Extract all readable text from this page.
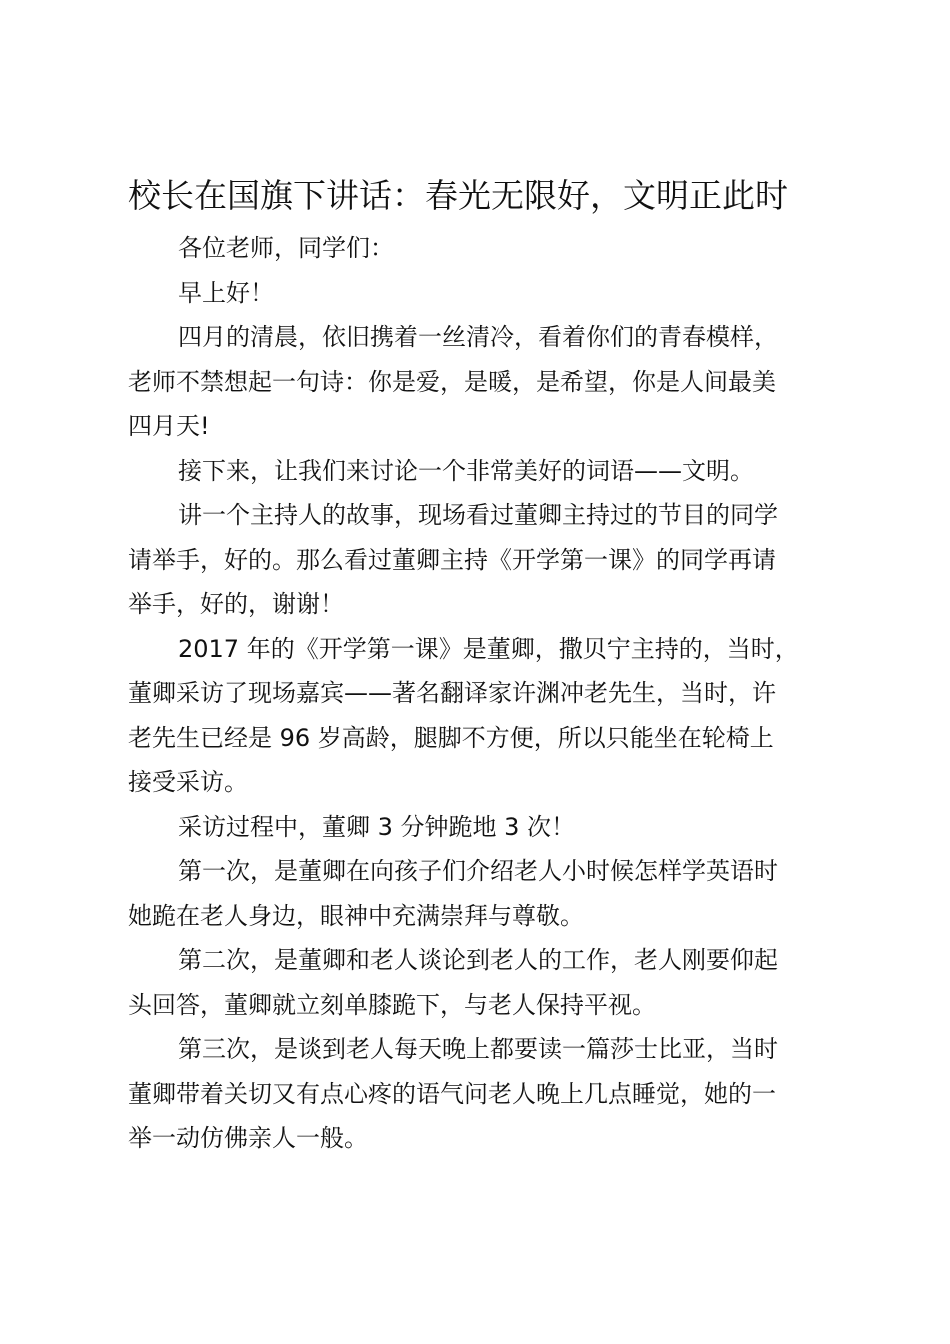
校长在国旗下讲话：春光无限好，文明正此时
各位老师，同学们：
早上好！
四月的清晨，依旧携着一丝清冷，看着你们的青春模样，
老师不禁想起一句诗：你是爱，是暖，是希望，你是人间最美
四月天!
接下来，让我们来讨论一个非常美好的词语——文明。
讲一个主持人的故事，现场看过董卿主持过的节目的同学
请举手，好的。那么看过董卿主持《开学第一课》的同学再请
举手，好的，谢谢！
2017 年的《开学第一课》是董卿，撒贝宁主持的，当时，
董卿采访了现场嘉宾——著名翻译家许渊冲老先生，当时，许
老先生已经是 96 岁高龄，腿脚不方便，所以只能坐在轮椅上
接受采访。
采访过程中，董卿 3 分钟跪地 3 次！
第一次，是董卿在向孩子们介绍老人小时候怎样学英语时
她跪在老人身边，眼神中充满崇拜与尊敬。
第二次，是董卿和老人谈论到老人的工作，老人刚要仰起
头回答，董卿就立刻单膝跪下，与老人保持平视。
第三次，是谈到老人每天晚上都要读一篇莎士比亚，当时
董卿带着关切又有点心疼的语气问老人晚上几点睡觉，她的一
举一动仿佛亲人一般。
